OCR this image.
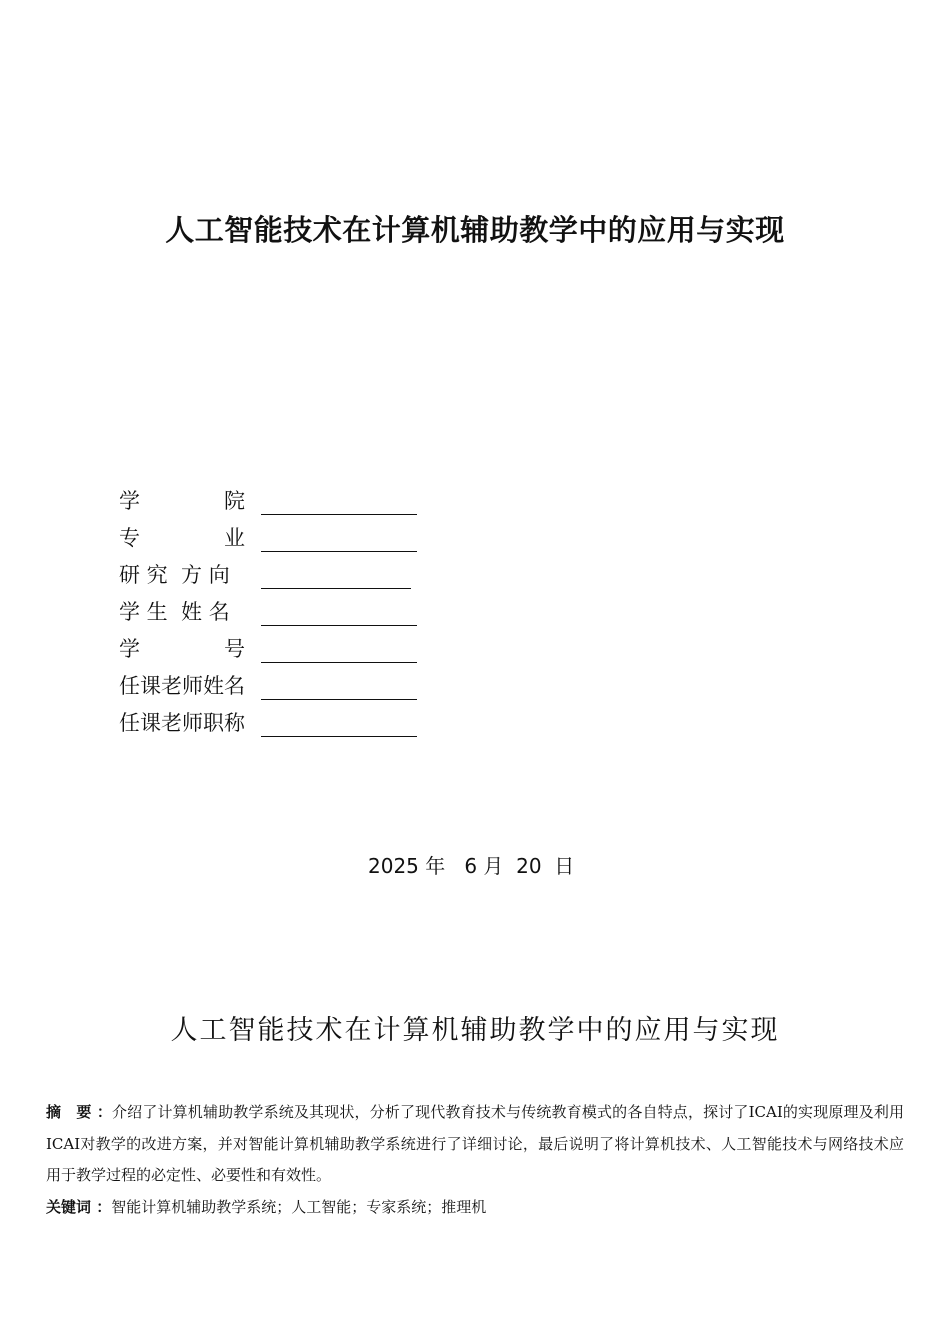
人工智能技术在计算机辅助教学中的应用与实现
学　　　　院
专　　　　业
研 究  方 向
学 生  姓 名
学　　　　号
任课老师姓名
任课老师职称
2025 年   6 月  20  日
人工智能技术在计算机辅助教学中的应用与实现
摘　要 ：介绍了计算机辅助教学系统及其现状，分析了现代教育技术与传统教育模式的各自特点，探讨了ICAI的实现原理及利用ICAI对教学的改进方案，并对智能计算机辅助教学系统进行了详细讨论，最后说明了将计算机技术、人工智能技术与网络技术应用于教学过程的必定性、必要性和有效性。
关键词 ：智能计算机辅助教学系统；人工智能；专家系统；推理机
